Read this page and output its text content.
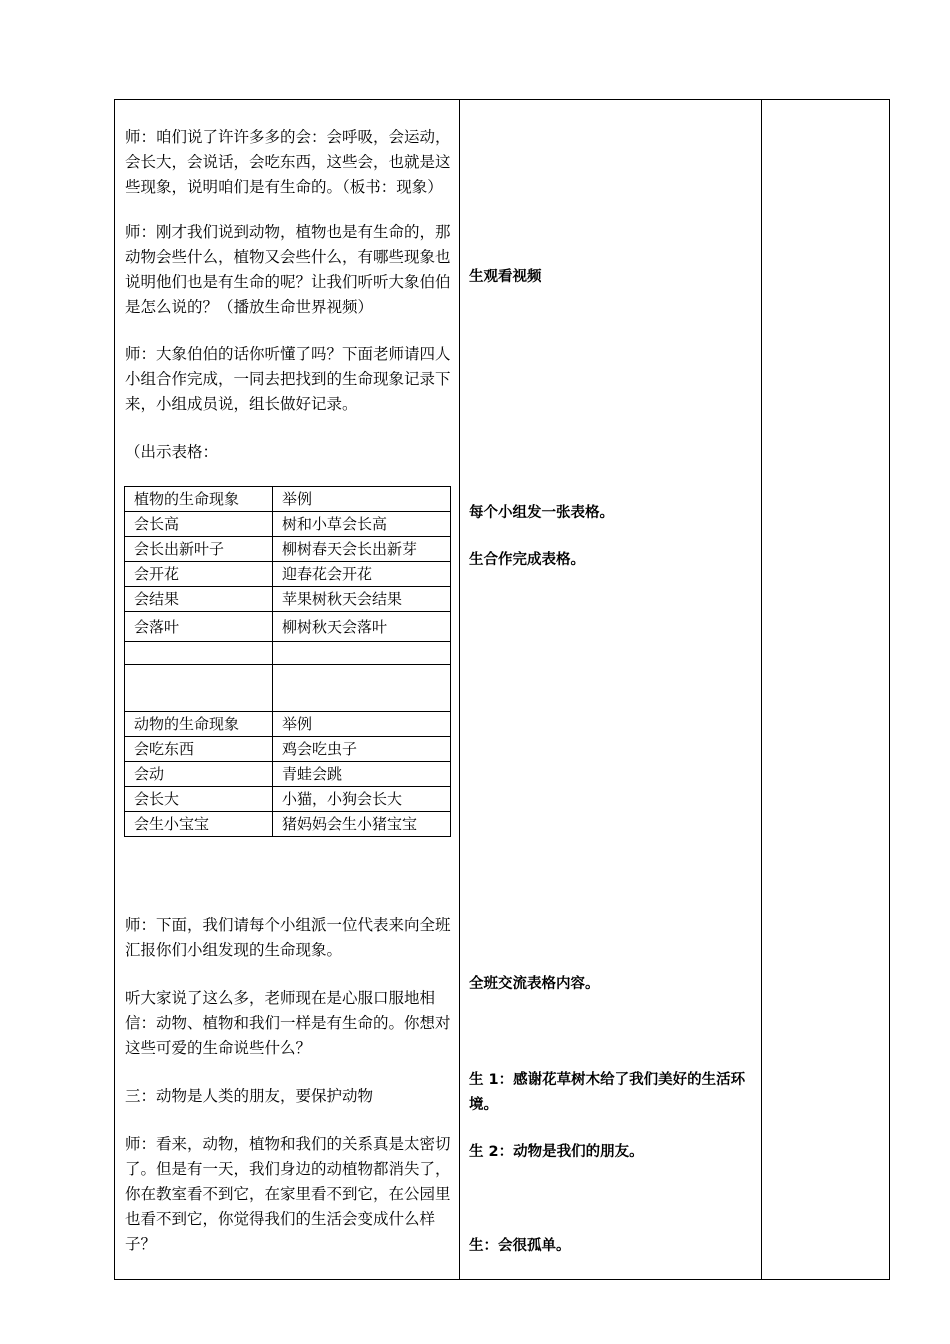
师：咱们说了许许多多的会：会呼吸，会运动，会长大，会说话，会吃东西，这些会，也就是这些现象，说明咱们是有生命的。（板书：现象）

师：刚才我们说到动物，植物也是有生命的，那动物会些什么，植物又会些什么，有哪些现象也说明他们也是有生命的呢？让我们听听大象伯伯是怎么说的？（播放生命世界视频）

师：大象伯伯的话你听懂了吗？下面老师请四人小组合作完成，一同去把找到的生命现象记录下来，小组成员说，组长做好记录。

（出示表格：

植物的生命现象	举例
会长高	树和小草会长高
会长出新叶子	柳树春天会长出新芽
会开花	迎春花会开花
会结果	苹果树秋天会结果
会落叶	柳树秋天会落叶

动物的生命现象	举例
会吃东西	鸡会吃虫子
会动	青蛙会跳
会长大	小猫，小狗会长大
会生小宝宝	猪妈妈会生小猪宝宝

师：下面，我们请每个小组派一位代表来向全班汇报你们小组发现的生命现象。

听大家说了这么多，老师现在是心服口服地相信：动物、植物和我们一样是有生命的。你想对这些可爱的生命说些什么？

三：动物是人类的朋友，要保护动物

师：看来，动物，植物和我们的关系真是太密切了。但是有一天，我们身边的动植物都消失了，你在教室看不到它，在家里看不到它，在公园里也看不到它，你觉得我们的生活会变成什么样子？

生观看视频

每个小组发一张表格。

生合作完成表格。

全班交流表格内容。

生 1：感谢花草树木给了我们美好的生活环境。

生 2：动物是我们的朋友。

生：会很孤单。
